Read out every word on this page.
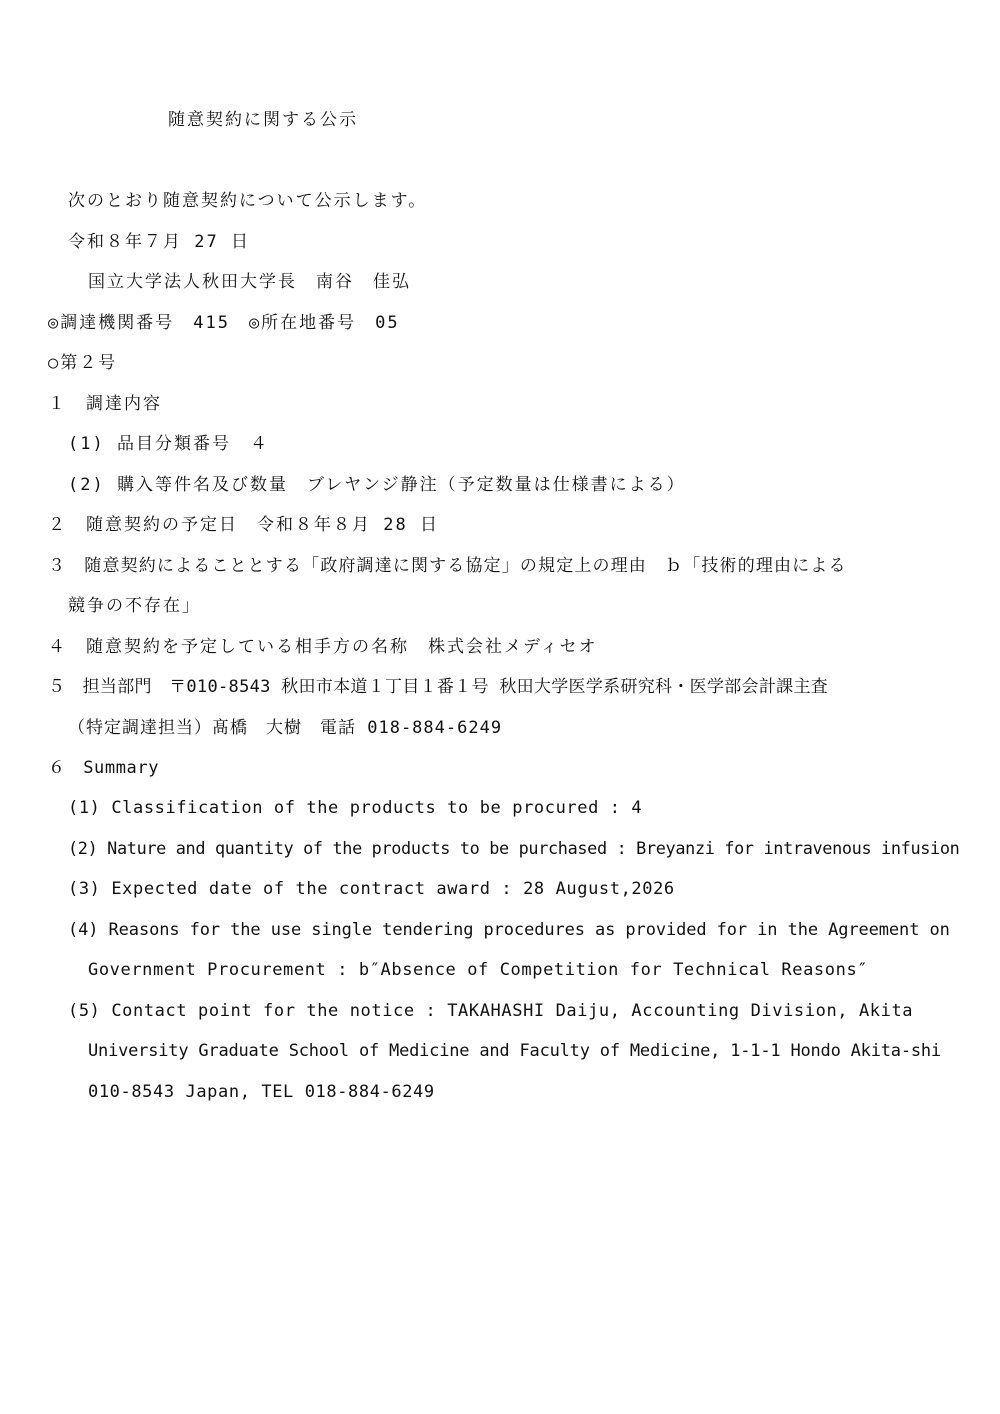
随意契約に関する公示
次のとおり随意契約について公示します。
令和８年７月 27 日
国立大学法人秋田大学長　南谷　佳弘
◎調達機関番号　415　◎所在地番号　05
○第２号
１　調達内容
(1) 品目分類番号　４
(2) 購入等件名及び数量　ブレヤンジ静注（予定数量は仕様書による）
２　随意契約の予定日　令和８年８月 28 日
３　随意契約によることとする「政府調達に関する協定」の規定上の理由　ｂ「技術的理由による
競争の不存在」
４　随意契約を予定している相手方の名称　株式会社メディセオ
５　担当部門　〒010-8543 秋田市本道１丁目１番１号 秋田大学医学系研究科・医学部会計課主査
（特定調達担当）髙橋　大樹　電話 018-884-6249
６　Summary
(1) Classification of the products to be procured : 4
(2) Nature and quantity of the products to be purchased : Breyanzi for intravenous infusion
(3) Expected date of the contract award : 28 August,2026
(4) Reasons for the use single tendering procedures as provided for in the Agreement on
Government Procurement : b″Absence of Competition for Technical Reasons″
(5) Contact point for the notice : TAKAHASHI Daiju, Accounting Division, Akita
University Graduate School of Medicine and Faculty of Medicine, 1-1-1 Hondo Akita-shi
010-8543 Japan, TEL 018-884-6249
